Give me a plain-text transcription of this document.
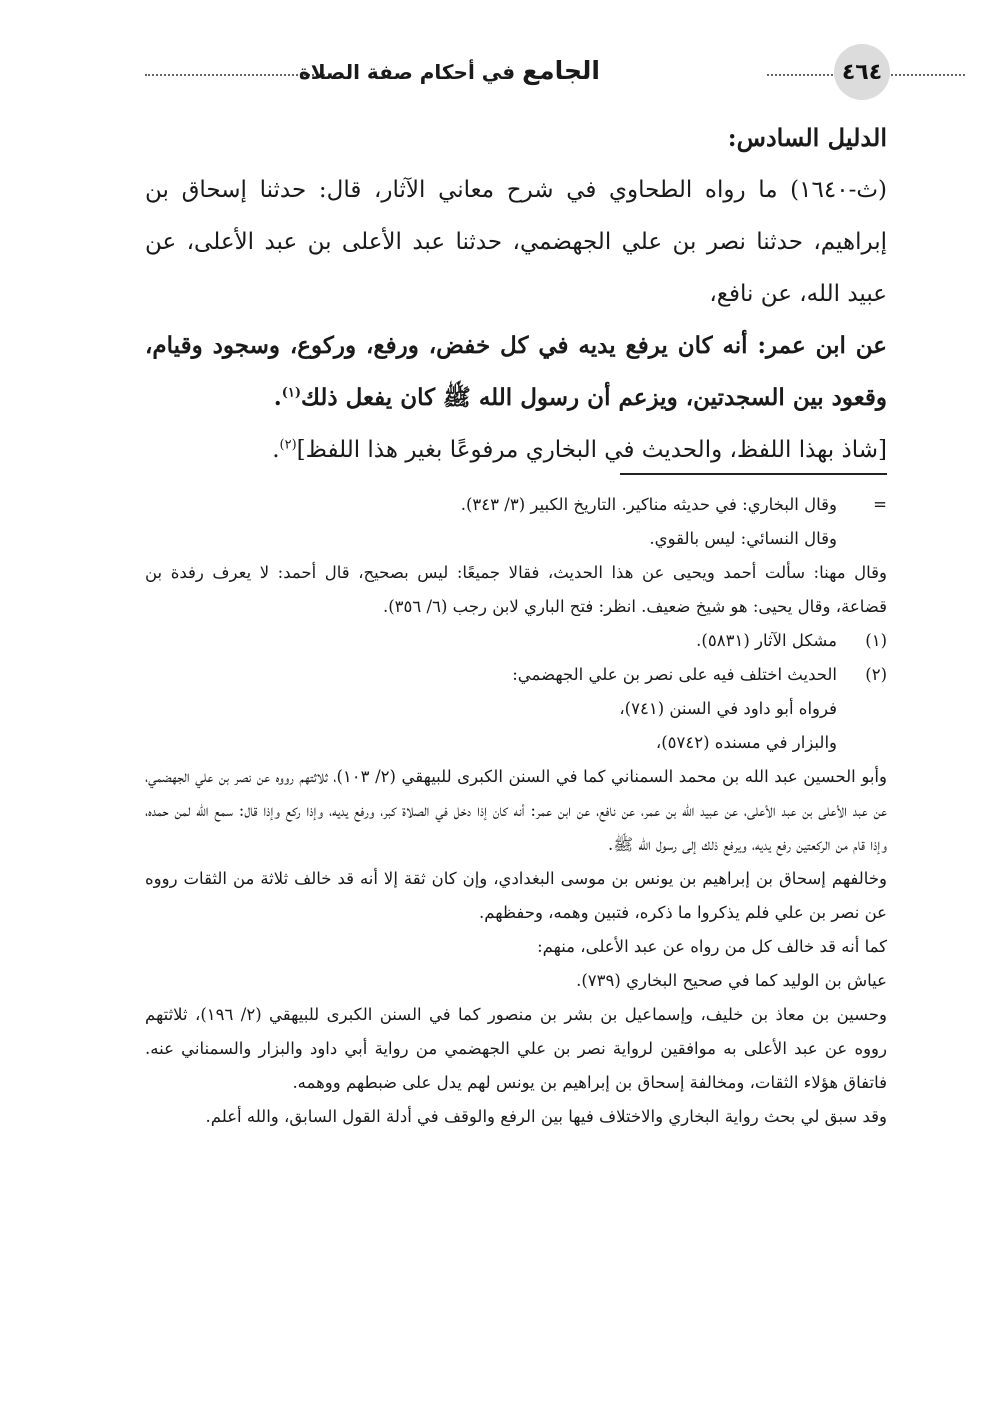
الجامع في أحكام صفة الصلاة	٤٦٤

الدليل السادس:

(ث-١٦٤٠) ما رواه الطحاوي في شرح معاني الآثار، قال: حدثنا إسحاق بن إبراهيم، حدثنا نصر بن علي الجهضمي، حدثنا عبد الأعلى بن عبد الأعلى، عن عبيد الله، عن نافع،

عن ابن عمر: أنه كان يرفع يديه في كل خفض، ورفع، وركوع، وسجود وقيام، وقعود بين السجدتين، ويزعم أن رسول الله ﷺ كان يفعل ذلك$^{(١)}$.

[شاذ بهذا اللفظ، والحديث في البخاري مرفوعًا بغير هذا اللفظ]$^{(٢)}$.

=

وقال البخاري: في حديثه مناكير. التاريخ الكبير (٣/ ٣٤٣).

وقال النسائي: ليس بالقوي.

وقال مهنا: سألت أحمد ويحيى عن هذا الحديث، فقالا جميعًا: ليس بصحيح، قال أحمد: لا يعرف رفدة بن قضاعة، وقال يحيى: هو شيخ ضعيف. انظر: فتح الباري لابن رجب (٦/ ٣٥٦).

(١)

مشكل الآثار (٥٨٣١).

(٢)

الحديث اختلف فيه على نصر بن علي الجهضمي:

فرواه أبو داود في السنن (٧٤١)،

والبزار في مسنده (٥٧٤٢)،

وأبو الحسين عبد الله بن محمد السمناني كما في السنن الكبرى للبيهقي (٢/ ١٠٣)، ثلاثتهم رووه عن نصر بن علي الجهضمي، عن عبد الأعلى بن عبد الأعلى، عن عبيد الله بن عمر، عن نافع، عن ابن عمر: أنه كان إذا دخل في الصلاة كبر، ورفع يديه، وإذا ركع وإذا قال: سمع الله لمن حمده، وإذا قام من الركعتين رفع يديه، ويرفع ذلك إلى رسول الله ﷺ.

وخالفهم إسحاق بن إبراهيم بن يونس بن موسى البغدادي، وإن كان ثقة إلا أنه قد خالف ثلاثة من الثقات رووه عن نصر بن علي فلم يذكروا ما ذكره، فتبين وهمه، وحفظهم.

كما أنه قد خالف كل من رواه عن عبد الأعلى، منهم:

عياش بن الوليد كما في صحيح البخاري (٧٣٩).

وحسين بن معاذ بن خليف، وإسماعيل بن بشر بن منصور كما في السنن الكبرى للبيهقي (٢/ ١٩٦)، ثلاثتهم رووه عن عبد الأعلى به موافقين لرواية نصر بن علي الجهضمي من رواية أبي داود والبزار والسمناني عنه. فاتفاق هؤلاء الثقات، ومخالفة إسحاق بن إبراهيم بن يونس لهم يدل على ضبطهم ووهمه.

وقد سبق لي بحث رواية البخاري والاختلاف فيها بين الرفع والوقف في أدلة القول السابق، والله أعلم.
